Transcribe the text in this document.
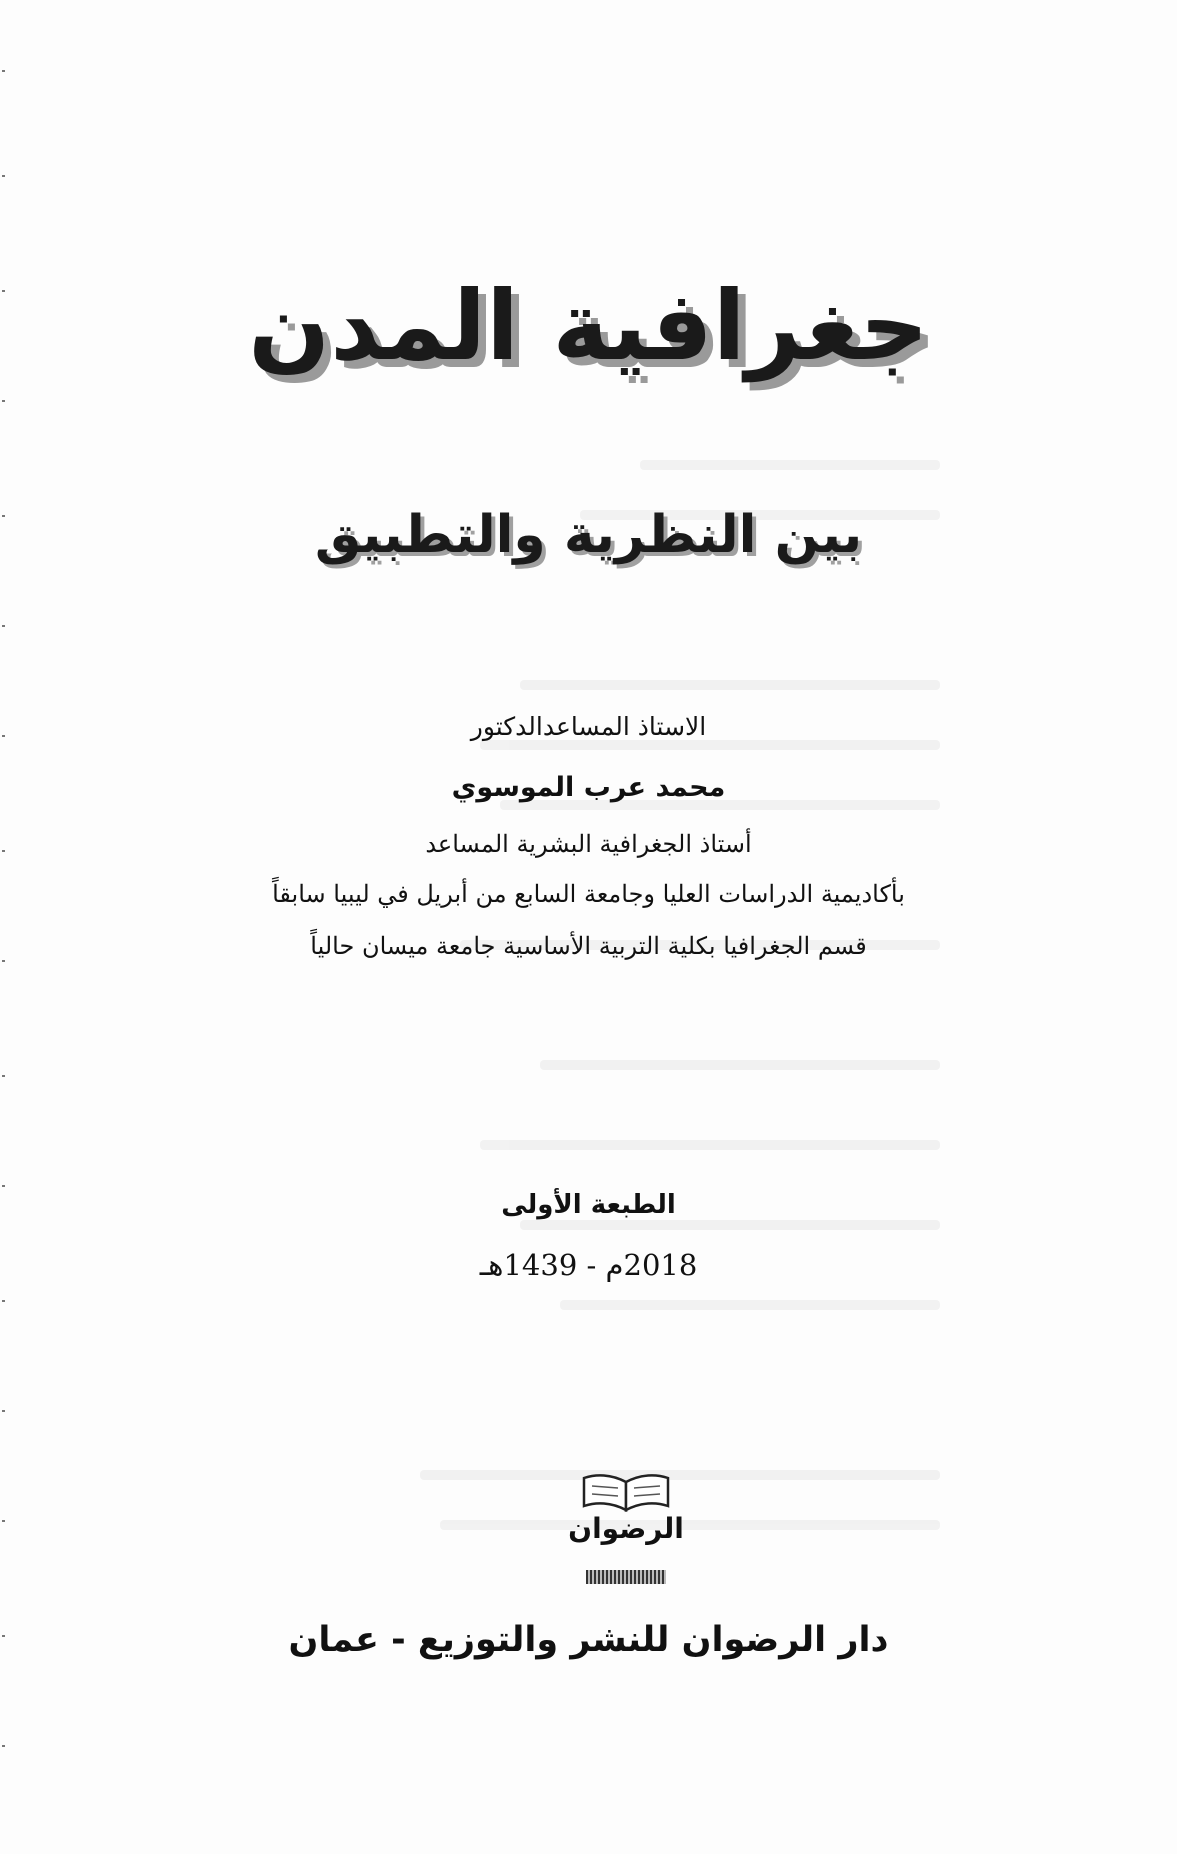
جغرافية المدن
بين النظرية والتطبيق
الاستاذ المساعدالدكتور
محمد عرب الموسوي
أستاذ الجغرافية البشرية المساعد
بأكاديمية الدراسات العليا وجامعة السابع من أبريل في ليبيا سابقاً
قسم الجغرافيا بكلية التربية الأساسية جامعة ميسان حالياً
الطبعة الأولى
2018م - 1439هـ
الرضوان
دار الرضوان للنشر والتوزيع - عمان
